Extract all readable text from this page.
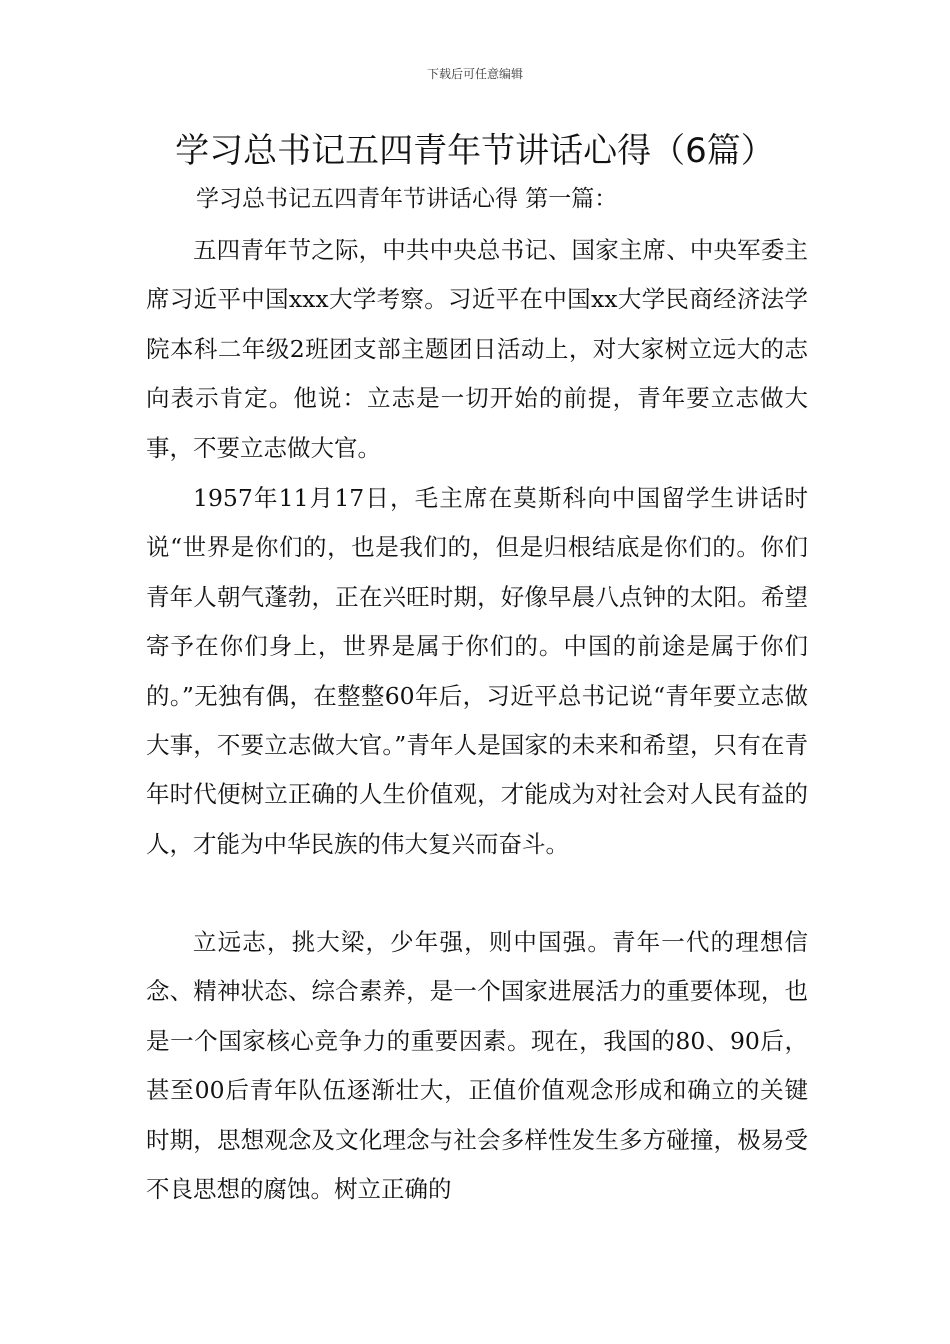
下载后可任意编辑
学习总书记五四青年节讲话心得（6篇）
学习总书记五四青年节讲话心得 第一篇：

五四青年节之际，中共中央总书记、国家主席、中央军委主席习近平中国xxx大学考察。习近平在中国xx大学民商经济法学院本科二年级2班团支部主题团日活动上，对大家树立远大的志向表示肯定。他说：立志是一切开始的前提，青年要立志做大事，不要立志做大官。

1957年11月17日，毛主席在莫斯科向中国留学生讲话时说“世界是你们的，也是我们的，但是归根结底是你们的。你们青年人朝气蓬勃，正在兴旺时期，好像早晨八点钟的太阳。希望寄予在你们身上，世界是属于你们的。中国的前途是属于你们的。”无独有偶，在整整60年后，习近平总书记说“青年要立志做大事，不要立志做大官。”青年人是国家的未来和希望，只有在青年时代便树立正确的人生价值观，才能成为对社会对人民有益的人，才能为中华民族的伟大复兴而奋斗。

立远志，挑大梁，少年强，则中国强。青年一代的理想信念、精神状态、综合素养，是一个国家进展活力的重要体现，也是一个国家核心竞争力的重要因素。现在，我国的80、90后，甚至00后青年队伍逐渐壮大，正值价值观念形成和确立的关键时期，思想观念及文化理念与社会多样性发生多方碰撞，极易受不良思想的腐蚀。树立正确的
